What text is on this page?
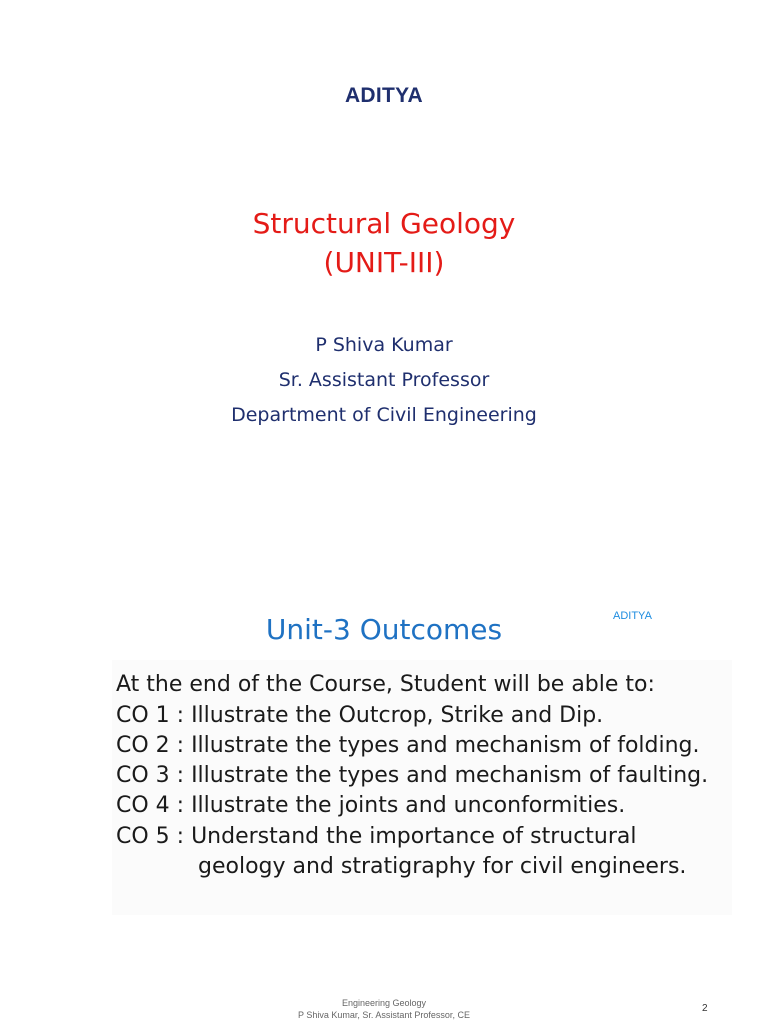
ADITYA
Structural Geology
(UNIT-III)
P Shiva Kumar
Sr. Assistant Professor
Department of Civil Engineering
ADITYA
Unit-3 Outcomes
At the end of the Course, Student will be able to:
CO 1 : Illustrate the Outcrop, Strike and Dip.
CO 2 : Illustrate the types and mechanism of folding.
CO 3 : Illustrate the types and mechanism of faulting.
CO 4 : Illustrate the joints and unconformities.
CO 5 : Understand the importance of structural
geology and stratigraphy for civil engineers.
Engineering Geology
P Shiva Kumar, Sr. Assistant Professor, CE
2
